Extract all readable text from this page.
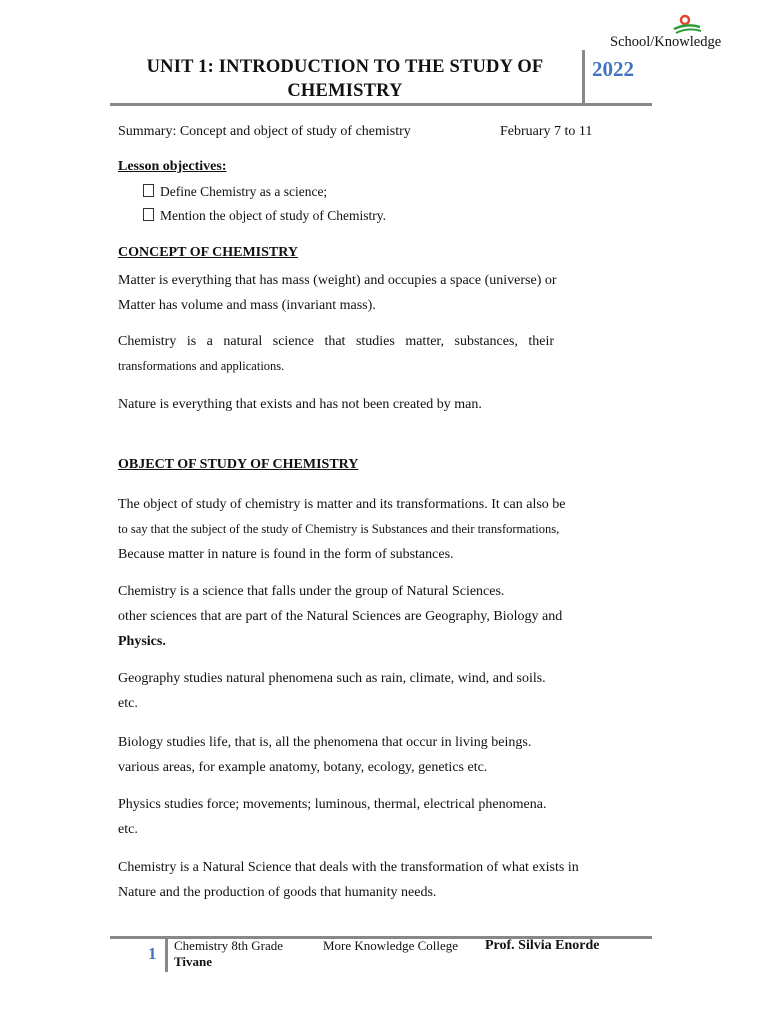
School/Knowledge
UNIT 1: INTRODUCTION TO THE STUDY OF
CHEMISTRY
2022
Summary: Concept and object of study of chemistry	February 7 to 11
Lesson objectives:
Define Chemistry as a science;
Mention the object of study of Chemistry.
CONCEPT OF CHEMISTRY
Matter is everything that has mass (weight) and occupies a space (universe) or
Matter has volume and mass (invariant mass).
Chemistry is a natural science that studies matter, substances, their
transformations and applications.
Nature is everything that exists and has not been created by man.
OBJECT OF STUDY OF CHEMISTRY
The object of study of chemistry is matter and its transformations. It can also be
to say that the subject of the study of Chemistry is Substances and their transformations,
Because matter in nature is found in the form of substances.
Chemistry is a science that falls under the group of Natural Sciences.
other sciences that are part of the Natural Sciences are Geography, Biology and
Physics.
Geography studies natural phenomena such as rain, climate, wind, and soils.
etc.
Biology studies life, that is, all the phenomena that occur in living beings.
various areas, for example anatomy, botany, ecology, genetics etc.
Physics studies force; movements; luminous, thermal, electrical phenomena.
etc.
Chemistry is a Natural Science that deals with the transformation of what exists in
Nature and the production of goods that humanity needs.
1 Chemistry 8th Grade
Tivane
More Knowledge College Prof. Silvia Enorde
